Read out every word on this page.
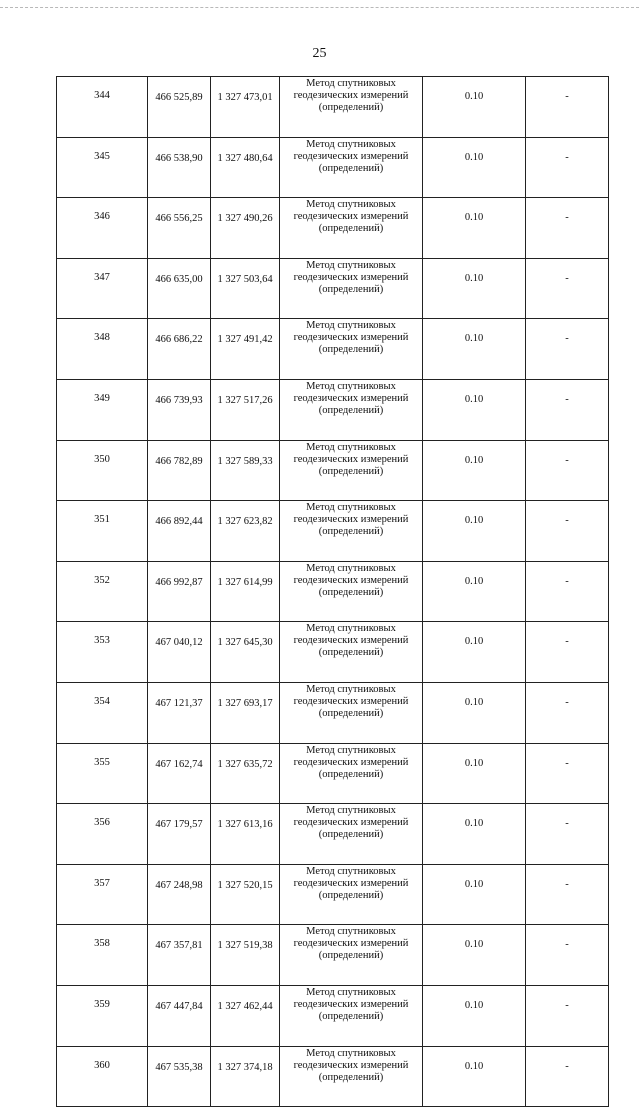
25
344	466 525,89	1 327 473,01	Метод спутниковых
геодезических измерений
(определений)	0.10	-
345	466 538,90	1 327 480,64	Метод спутниковых
геодезических измерений
(определений)	0.10	-
346	466 556,25	1 327 490,26	Метод спутниковых
геодезических измерений
(определений)	0.10	-
347	466 635,00	1 327 503,64	Метод спутниковых
геодезических измерений
(определений)	0.10	-
348	466 686,22	1 327 491,42	Метод спутниковых
геодезических измерений
(определений)	0.10	-
349	466 739,93	1 327 517,26	Метод спутниковых
геодезических измерений
(определений)	0.10	-
350	466 782,89	1 327 589,33	Метод спутниковых
геодезических измерений
(определений)	0.10	-
351	466 892,44	1 327 623,82	Метод спутниковых
геодезических измерений
(определений)	0.10	-
352	466 992,87	1 327 614,99	Метод спутниковых
геодезических измерений
(определений)	0.10	-
353	467 040,12	1 327 645,30	Метод спутниковых
геодезических измерений
(определений)	0.10	-
354	467 121,37	1 327 693,17	Метод спутниковых
геодезических измерений
(определений)	0.10	-
355	467 162,74	1 327 635,72	Метод спутниковых
геодезических измерений
(определений)	0.10	-
356	467 179,57	1 327 613,16	Метод спутниковых
геодезических измерений
(определений)	0.10	-
357	467 248,98	1 327 520,15	Метод спутниковых
геодезических измерений
(определений)	0.10	-
358	467 357,81	1 327 519,38	Метод спутниковых
геодезических измерений
(определений)	0.10	-
359	467 447,84	1 327 462,44	Метод спутниковых
геодезических измерений
(определений)	0.10	-
360	467 535,38	1 327 374,18	Метод спутниковых
геодезических измерений
(определений)	0.10	-
